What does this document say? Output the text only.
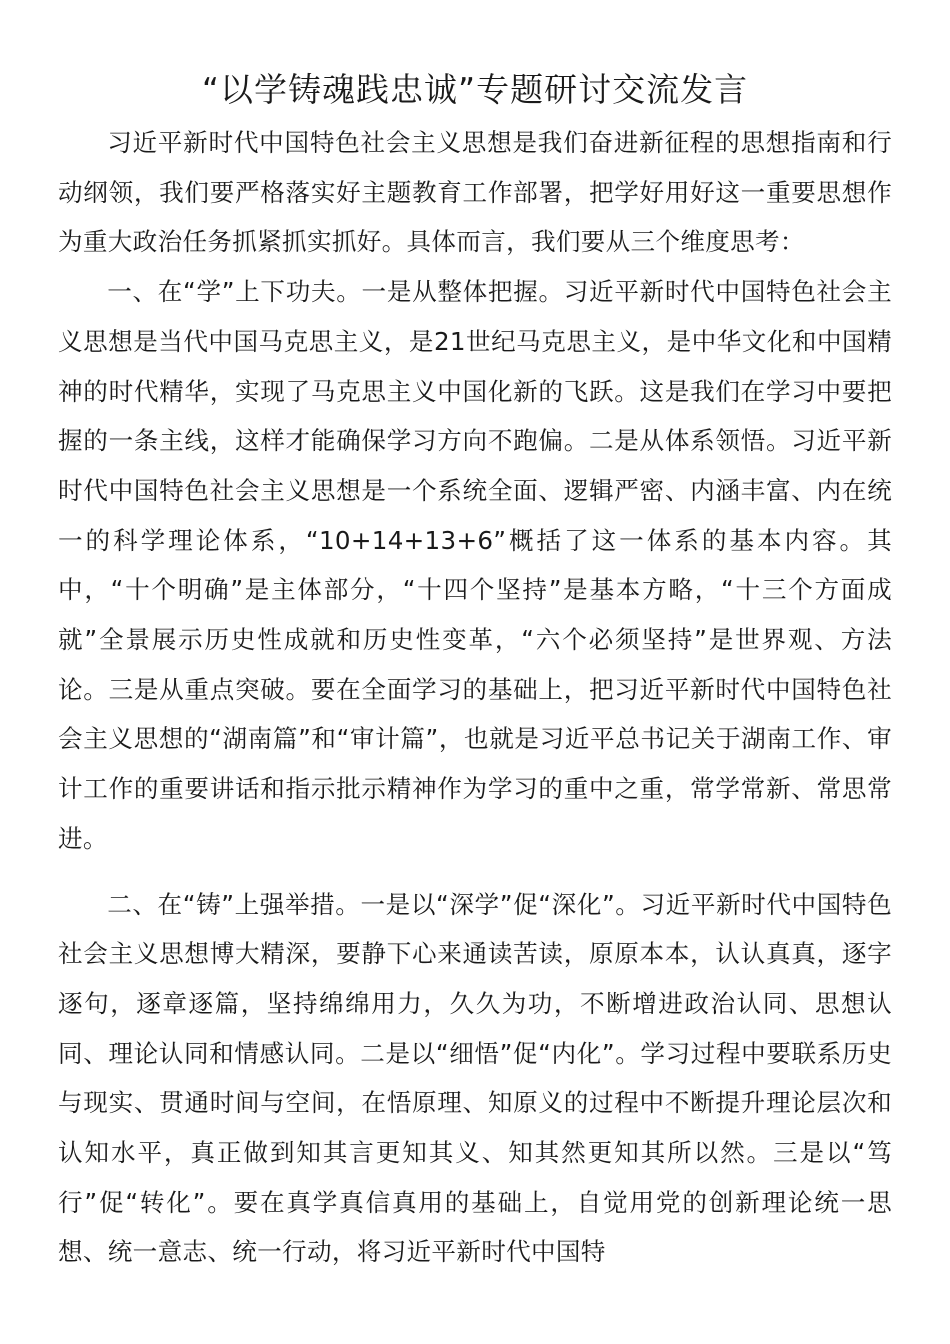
“以学铸魂践忠诚”专题研讨交流发言

习近平新时代中国特色社会主义思想是我们奋进新征程的思想指南和行动纲领，我们要严格落实好主题教育工作部署，把学好用好这一重要思想作为重大政治任务抓紧抓实抓好。具体而言，我们要从三个维度思考：

一、在“学”上下功夫。一是从整体把握。习近平新时代中国特色社会主义思想是当代中国马克思主义，是21世纪马克思主义，是中华文化和中国精神的时代精华，实现了马克思主义中国化新的飞跃。这是我们在学习中要把握的一条主线，这样才能确保学习方向不跑偏。二是从体系领悟。习近平新时代中国特色社会主义思想是一个系统全面、逻辑严密、内涵丰富、内在统一的科学理论体系，“10+14+13+6”概括了这一体系的基本内容。其中，“十个明确”是主体部分，“十四个坚持”是基本方略，“十三个方面成就”全景展示历史性成就和历史性变革，“六个必须坚持”是世界观、方法论。三是从重点突破。要在全面学习的基础上，把习近平新时代中国特色社会主义思想的“湖南篇”和“审计篇”，也就是习近平总书记关于湖南工作、审计工作的重要讲话和指示批示精神作为学习的重中之重，常学常新、常思常进。

二、在“铸”上强举措。一是以“深学”促“深化”。习近平新时代中国特色社会主义思想博大精深，要静下心来通读苦读，原原本本，认认真真，逐字逐句，逐章逐篇，坚持绵绵用力，久久为功，不断增进政治认同、思想认同、理论认同和情感认同。二是以“细悟”促“内化”。学习过程中要联系历史与现实、贯通时间与空间，在悟原理、知原义的过程中不断提升理论层次和认知水平，真正做到知其言更知其义、知其然更知其所以然。三是以“笃行”促“转化”。要在真学真信真用的基础上，自觉用党的创新理论统一思想、统一意志、统一行动，将习近平新时代中国特
